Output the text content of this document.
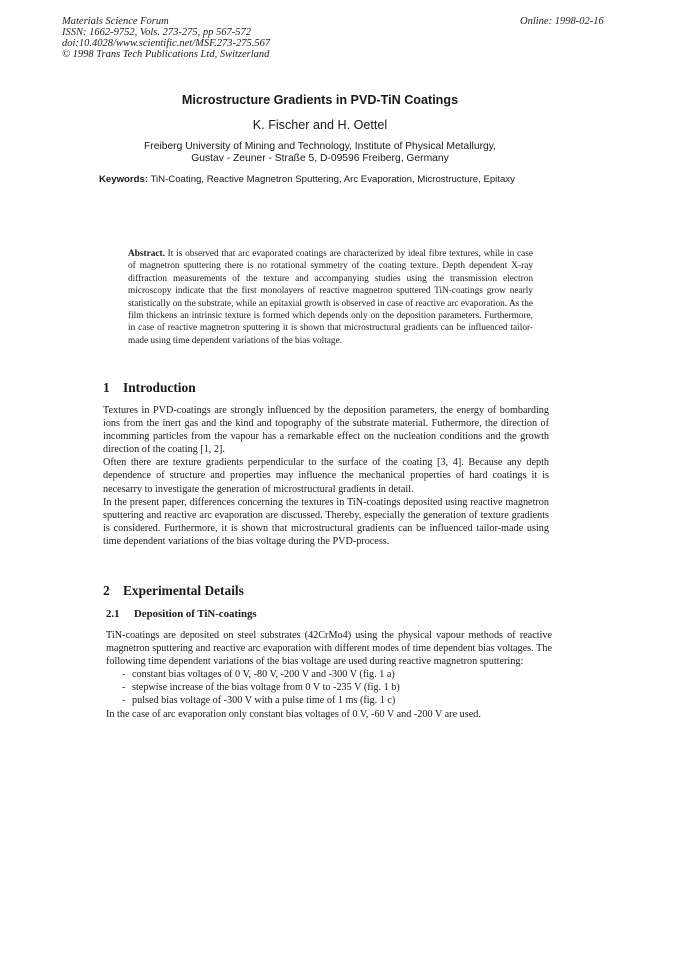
Materials Science Forum
ISSN: 1662-9752, Vols. 273-275, pp 567-572
doi:10.4028/www.scientific.net/MSF.273-275.567
© 1998 Trans Tech Publications Ltd, Switzerland
Online: 1998-02-16
Microstructure Gradients in PVD-TiN Coatings
K. Fischer and H. Oettel
Freiberg University of Mining and Technology, Institute of Physical Metallurgy,
Gustav - Zeuner - Straße 5, D-09596 Freiberg, Germany
Keywords: TiN-Coating, Reactive Magnetron Sputtering, Arc Evaporation, Microstructure, Epitaxy
Abstract. It is observed that arc evaporated coatings are characterized by ideal fibre textures, while in case of magnetron sputtering there is no rotational symmetry of the coating texture. Depth dependent X-ray diffraction measurements of the texture and accompanying studies using the transmission electron microscopy indicate that the first monolayers of reactive magnetron sputtered TiN-coatings grow nearly statistically on the substrate, while an epitaxial growth is observed in case of reactive arc evaporation. As the film thickens an intrinsic texture is formed which depends only on the deposition parameters. Furthermore, in case of reactive magnetron sputtering it is shown that microstructural gradients can be influenced tailor-made using time dependent variations of the bias voltage.
1 Introduction

Textures in PVD-coatings are strongly influenced by the deposition parameters, the energy of bombarding ions from the inert gas and the kind and topography of the substrate material. Futhermore, the direction of incomming particles from the vapour has a remarkable effect on the nucleation conditions and the growth direction of the coating [1, 2].

Often there are texture gradients perpendicular to the surface of the coating [3, 4]. Because any depth dependence of structure and properties may influence the mechanical properties of hard coatings it is necesarry to investigate the generation of microstructural gradients in detail.

In the present paper, differences concerning the textures in TiN-coatings deposited using reactive magnetron sputtering and reactive arc evaporation are discussed. Thereby, especially the generation of texture gradients is considered. Furthermore, it is shown that microstructural gradients can be influenced tailor-made using time dependent variations of the bias voltage during the PVD-process.

2 Experimental Details
2.1 Deposition of TiN-coatings

TiN-coatings are deposited on steel substrates (42CrMo4) using the physical vapour methods of reactive magnetron sputtering and reactive arc evaporation with different modes of time dependent bias voltages. The following time dependent variations of the bias voltage are used during reactive magnetron sputtering:

- constant bias voltages of 0 V, -80 V, -200 V and -300 V (fig. 1 a)
- stepwise increase of the bias voltage from 0 V to -235 V (fig. 1 b)
- pulsed bias voltage of -300 V with a pulse time of 1 ms (fig. 1 c)

In the case of arc evaporation only constant bias voltages of 0 V, -60 V and -200 V are used.
